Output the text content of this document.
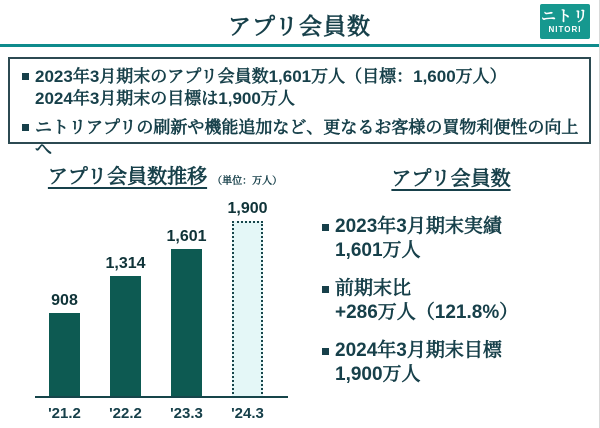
アプリ会員数	ニトリ
NITORI
2023年3月期末のアプリ会員数1,601万人（目標：1,600万人）
2024年3月期末の目標は1,900万人
ニトリアプリの刷新や機能追加など、更なるお客様の買物利便性の向上へ
アプリ会員数推移 （単位：万人）
908
'21.2
1,314
'22.2
1,601
'23.3
1,900
'24.3
アプリ会員数
2023年3月期末実績
1,601万人
前期末比
+286万人（121.8%）
2024年3月期末目標
1,900万人
